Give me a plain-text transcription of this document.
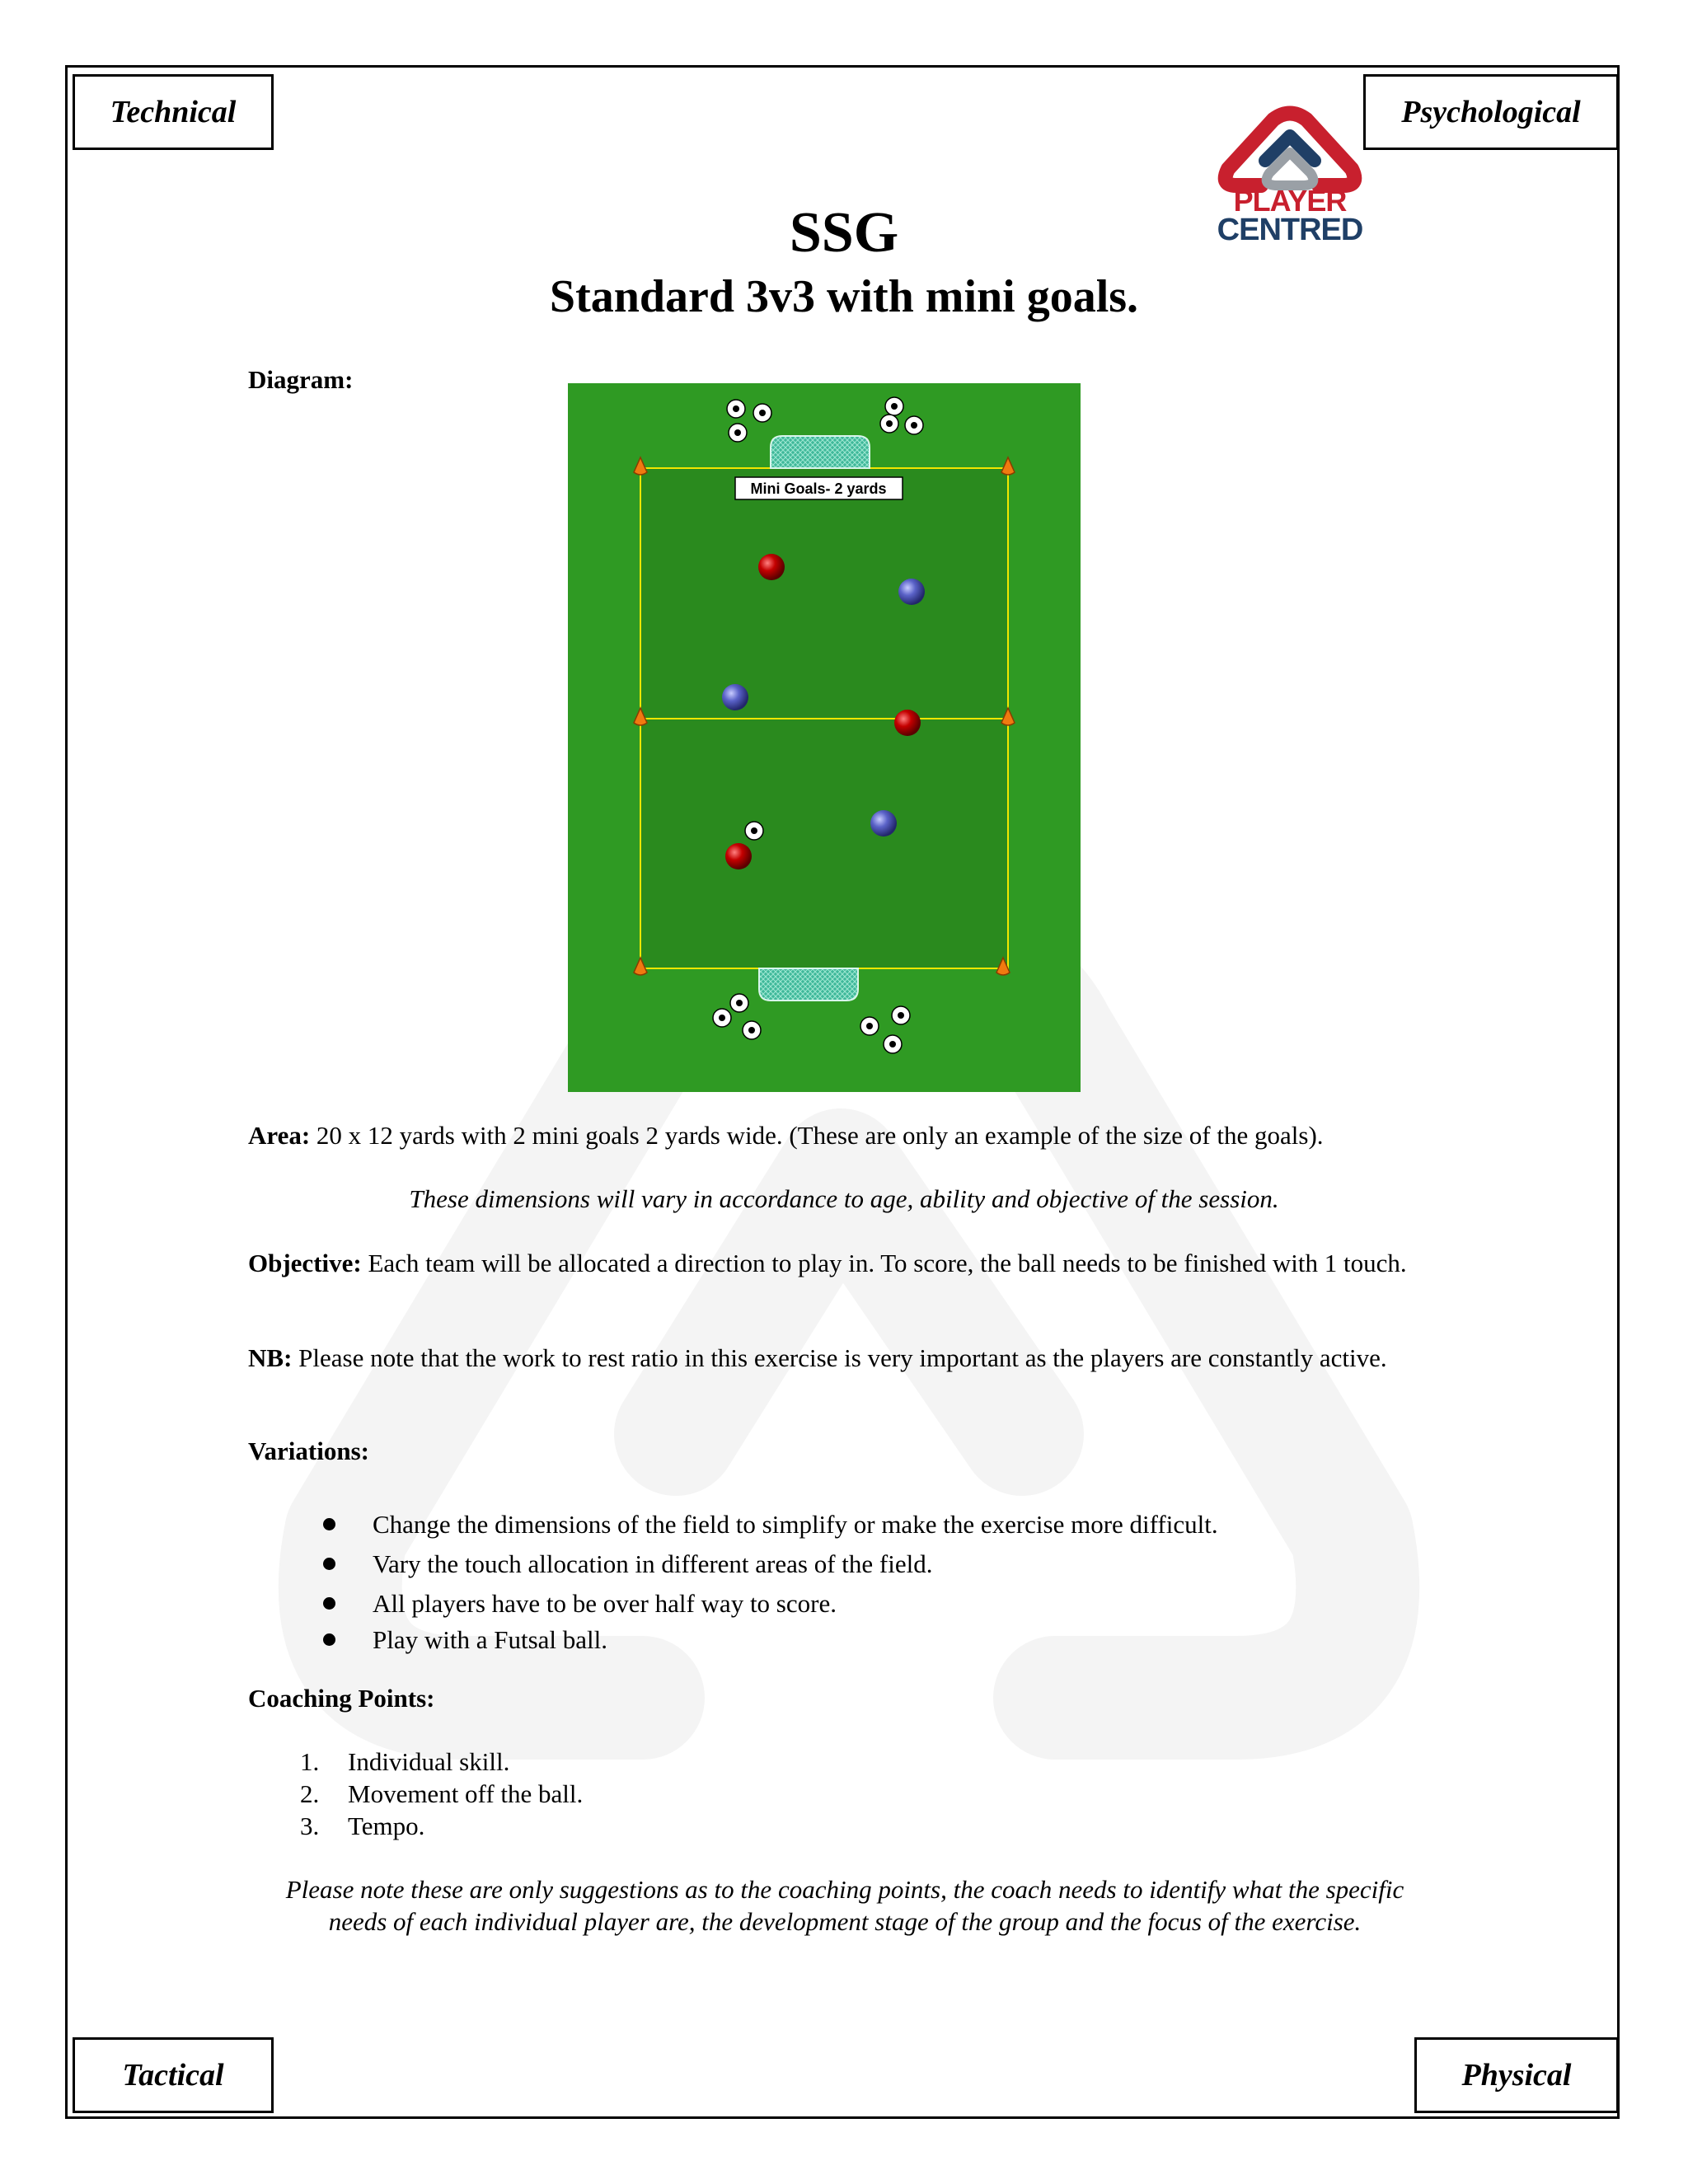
Technical	Psychological
Tactical	Physical
PLAYER
CENTRED
SSG
Standard 3v3 with mini goals.
Diagram:
Mini Goals- 2 yards
Area: 20 x 12 yards with 2 mini goals 2 yards wide. (These are only an example of the size of the goals).
These dimensions will vary in accordance to age, ability and objective of the session.
Objective: Each team will be allocated a direction to play in. To score, the ball needs to be finished with 1 touch.
NB: Please note that the work to rest ratio in this exercise is very important as the players are constantly active.
Variations:
Change the dimensions of the field to simplify or make the exercise more difficult.
Vary the touch allocation in different areas of the field.
All players have to be over half way to score.
Play with a Futsal ball.
Coaching Points:
1. Individual skill.
2. Movement off the ball.
3. Tempo.
Please note these are only suggestions as to the coaching points, the coach needs to identify what the specific needs of each individual player are, the development stage of the group and the focus of the exercise.
